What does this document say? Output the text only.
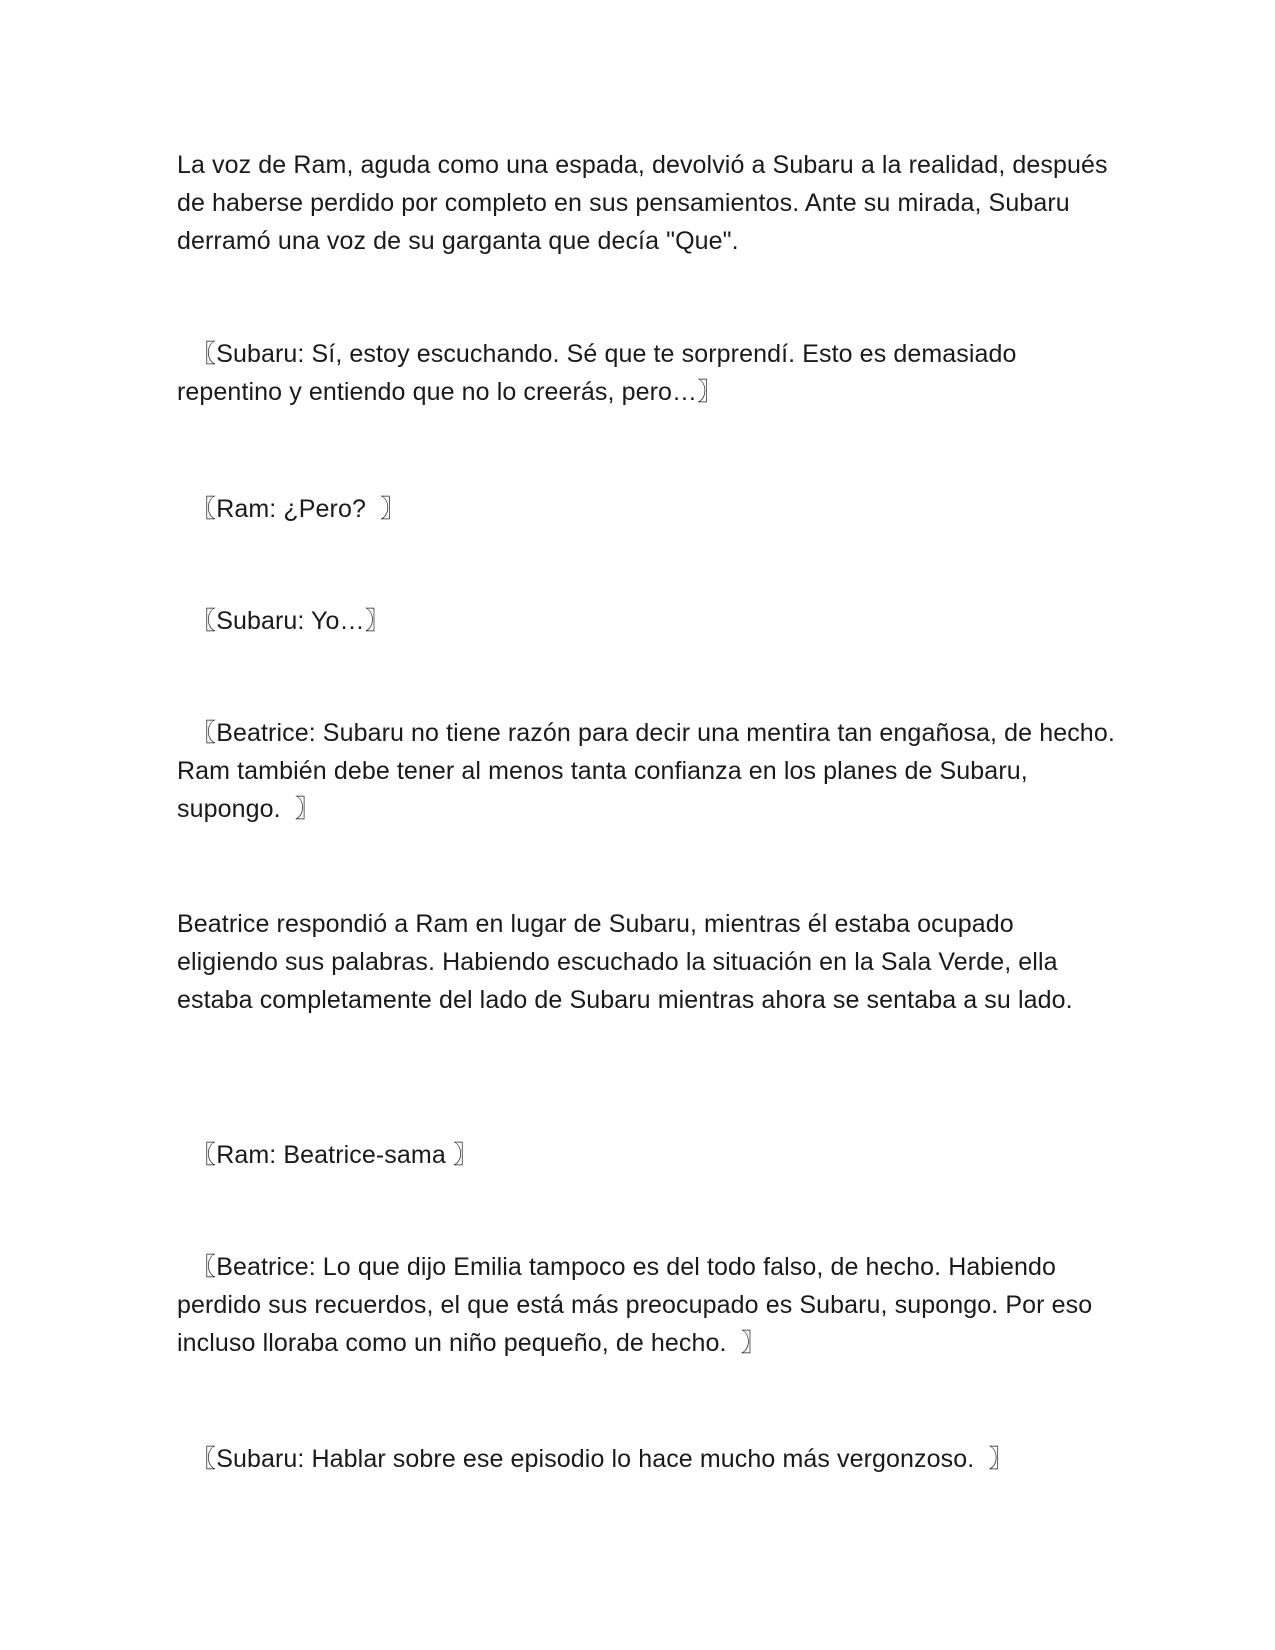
La voz de Ram, aguda como una espada, devolvió a Subaru a la realidad, después de haberse perdido por completo en sus pensamientos. Ante su mirada, Subaru derramó una voz de su garganta que decía "Que".

〖Subaru: Sí, estoy escuchando. Sé que te sorprendí. Esto es demasiado repentino y entiendo que no lo creerás, pero…〗

〖Ram: ¿Pero?  〗

〖Subaru: Yo…〗

〖Beatrice: Subaru no tiene razón para decir una mentira tan engañosa, de hecho. Ram también debe tener al menos tanta confianza en los planes de Subaru, supongo.  〗

Beatrice respondió a Ram en lugar de Subaru, mientras él estaba ocupado eligiendo sus palabras. Habiendo escuchado la situación en la Sala Verde, ella estaba completamente del lado de Subaru mientras ahora se sentaba a su lado.

〖Ram: Beatrice-sama 〗

〖Beatrice: Lo que dijo Emilia tampoco es del todo falso, de hecho. Habiendo perdido sus recuerdos, el que está más preocupado es Subaru, supongo. Por eso incluso lloraba como un niño pequeño, de hecho.  〗

〖Subaru: Hablar sobre ese episodio lo hace mucho más vergonzoso.  〗
